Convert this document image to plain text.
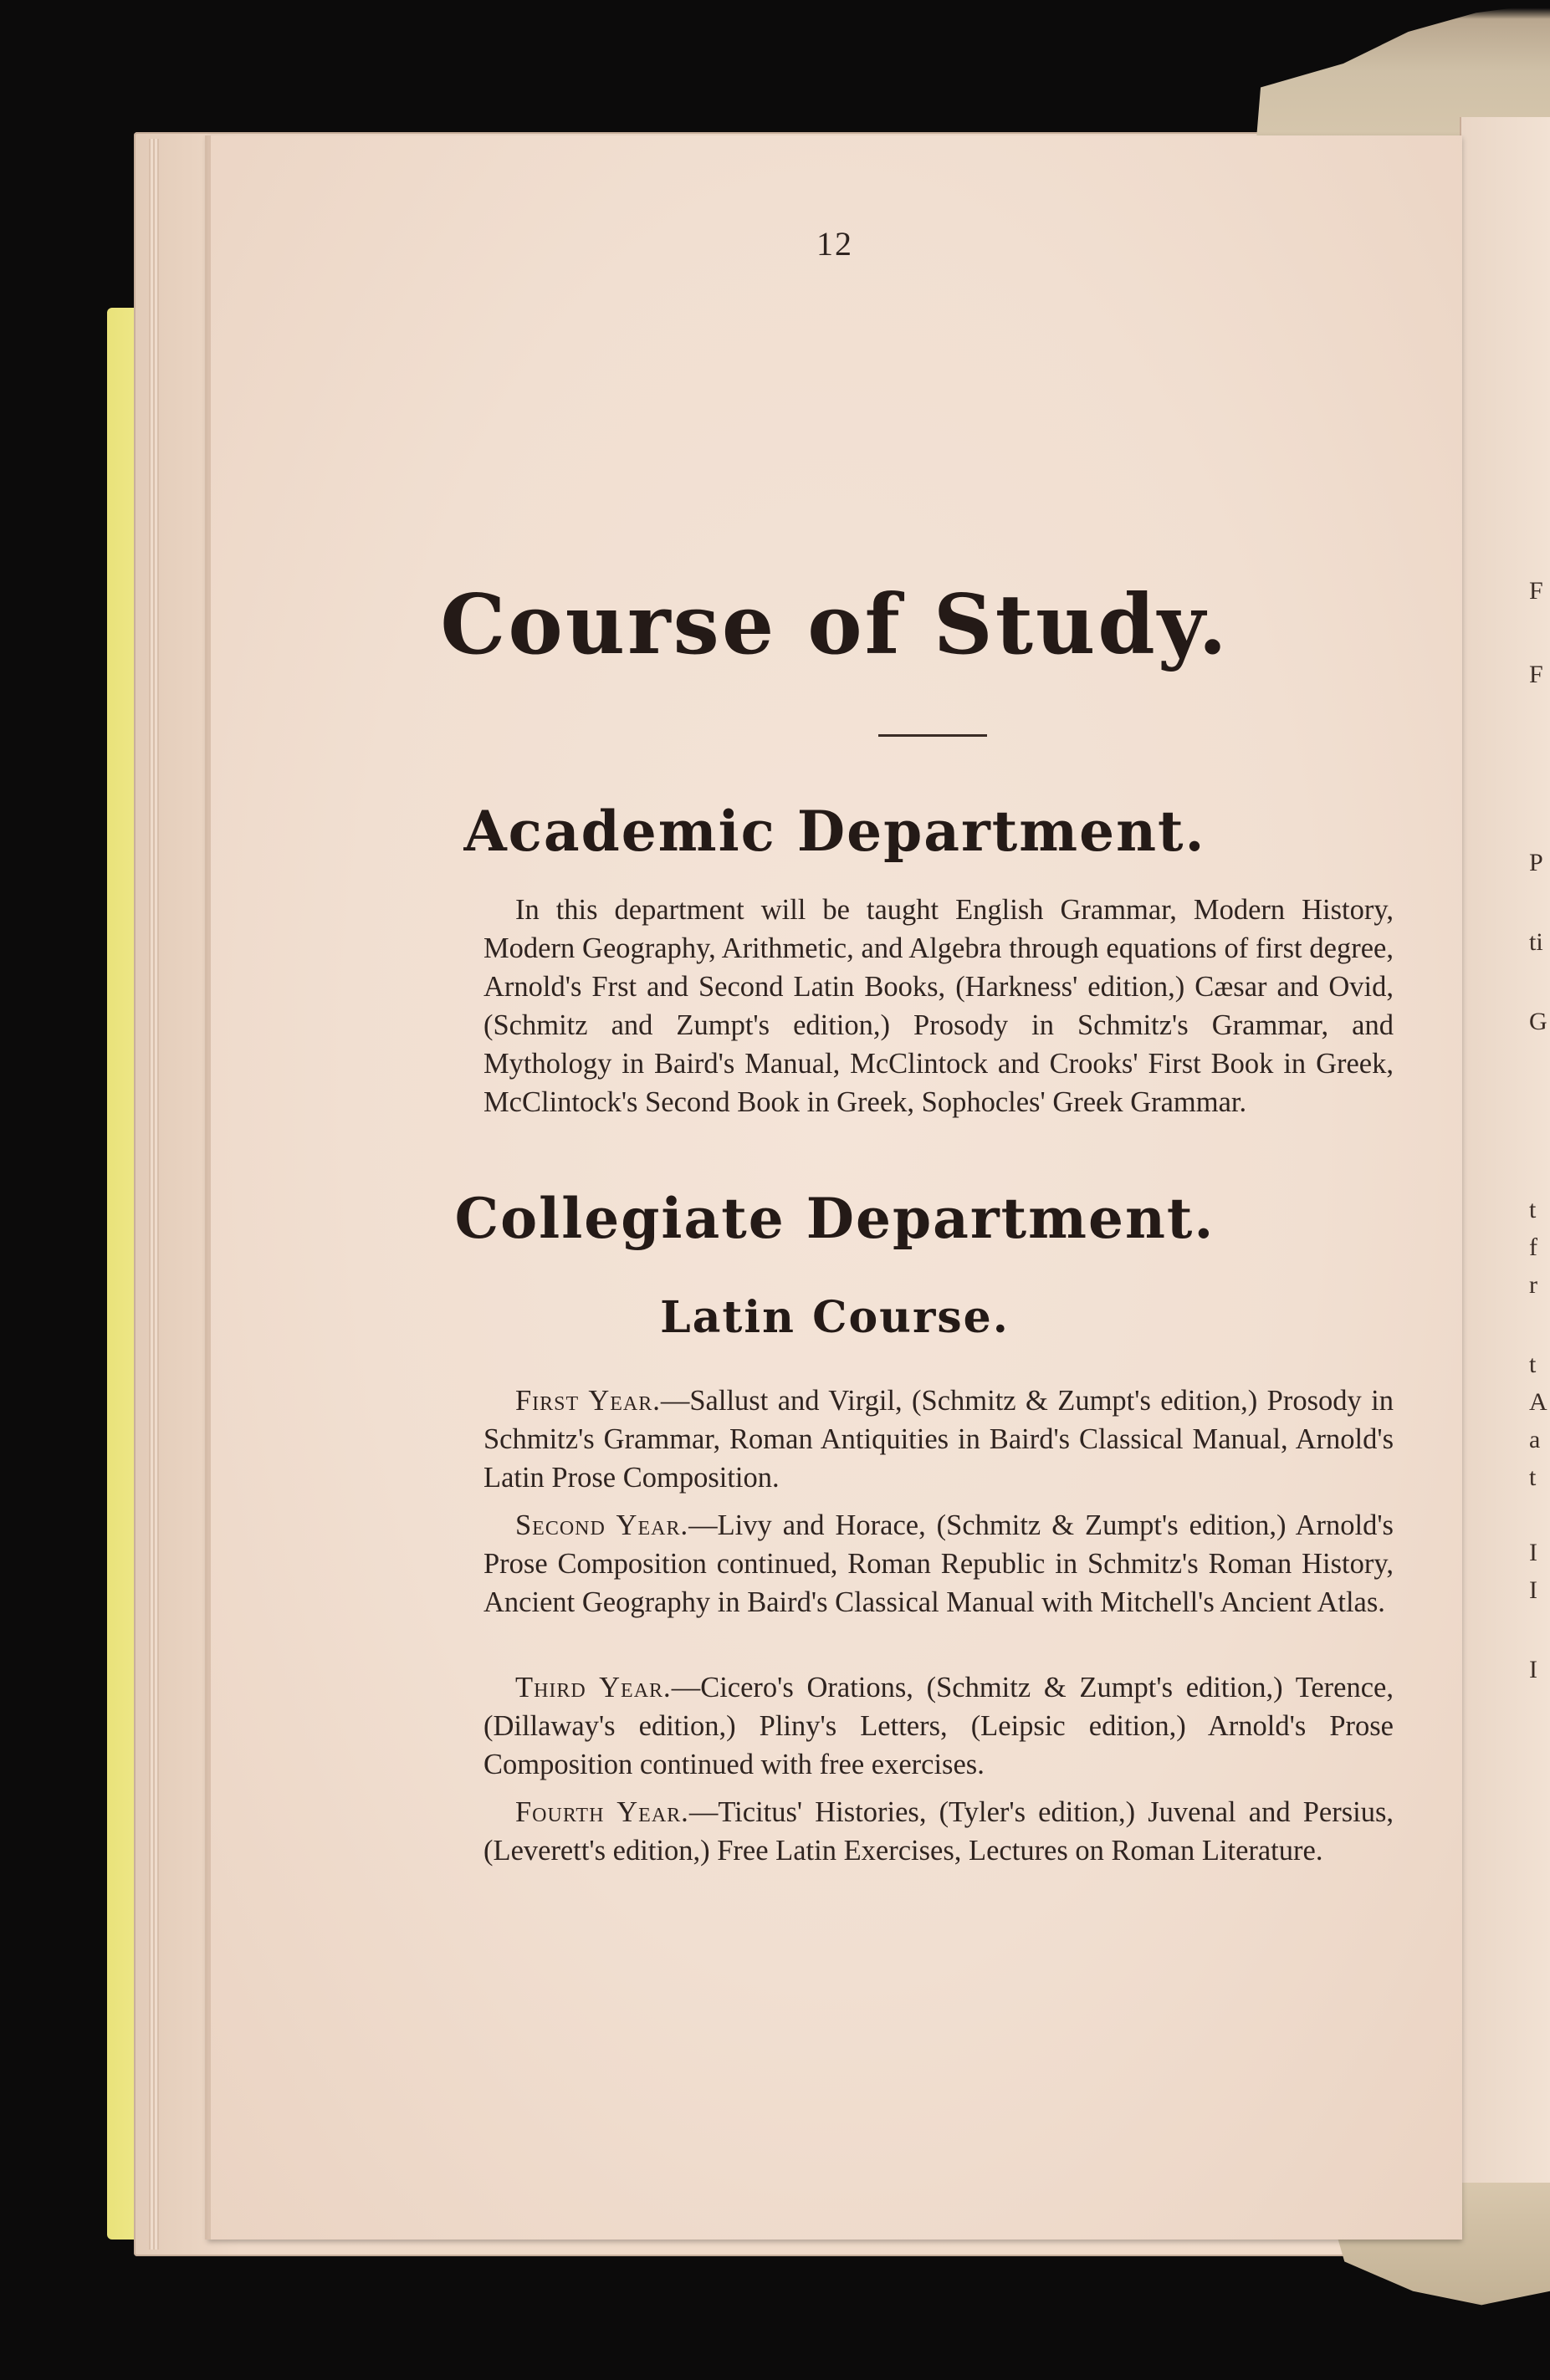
F
F
P
ti
G
t
f
r
t
A
a
t
I
I
I
12
Course of Study.
Academic Department.
In this department will be taught English Grammar, Modern History, Modern Geography, Arithmetic, and Algebra through equations of first degree, Arnold's Frst and Second Latin Books, (Harkness' edition,) Cæsar and Ovid, (Schmitz and Zumpt's edition,) Prosody in Schmitz's Grammar, and Mythology in Baird's Manual, McClintock and Crooks' First Book in Greek, McClintock's Second Book in Greek, Sophocles' Greek Grammar.
Collegiate Department.
Latin Course.
First Year.—Sallust and Virgil, (Schmitz & Zumpt's edition,) Prosody in Schmitz's Grammar, Roman Antiquities in Baird's Classical Manual, Arnold's Latin Prose Composition.
Second Year.—Livy and Horace, (Schmitz & Zumpt's edition,) Arnold's Prose Composition continued, Roman Republic in Schmitz's Roman History, Ancient Geography in Baird's Classical Manual with Mitchell's Ancient Atlas.
Third Year.—Cicero's Orations, (Schmitz & Zumpt's edition,) Terence, (Dillaway's edition,) Pliny's Letters, (Leipsic edition,) Arnold's Prose Composition continued with free exercises.
Fourth Year.—Ticitus' Histories, (Tyler's edition,) Juvenal and Persius, (Leverett's edition,) Free Latin Exercises, Lectures on Roman Literature.
